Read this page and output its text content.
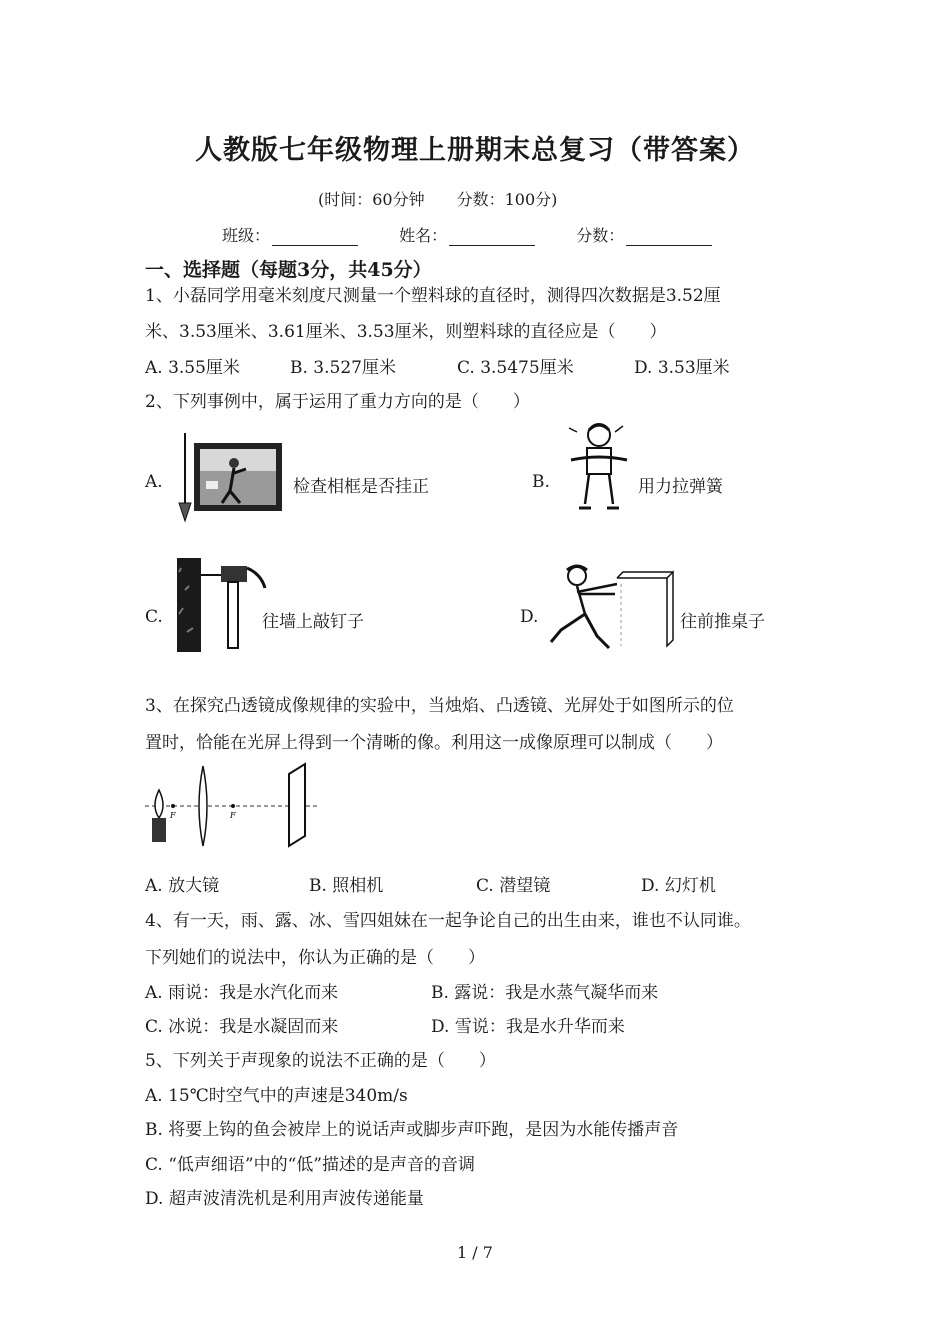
人教版七年级物理上册期末总复习（带答案）
(时间：60分钟　　分数：100分)
班级：	姓名：	分数：
一、选择题（每题3分，共45分）
1、小磊同学用毫米刻度尺测量一个塑料球的直径时，测得四次数据是3.52厘
米、3.53厘米、3.61厘米、3.53厘米，则塑料球的直径应是（　　）
A. 3.55厘米	B. 3.527厘米	C. 3.5475厘米	D. 3.53厘米
2、下列事例中，属于运用了重力方向的是（　　）
A.	检查相框是否挂正	B.	用力拉弹簧
C.	往墙上敲钉子	D.	往前推桌子
3、在探究凸透镜成像规律的实验中，当烛焰、凸透镜、光屏处于如图所示的位
置时，恰能在光屏上得到一个清晰的像。利用这一成像原理可以制成（　　）
F	F
A. 放大镜	B. 照相机	C. 潜望镜	D. 幻灯机
4、有一天，雨、露、冰、雪四姐妹在一起争论自己的出生由来，谁也不认同谁。
下列她们的说法中，你认为正确的是（　　）
A. 雨说：我是水汽化而来	B. 露说：我是水蒸气凝华而来
C. 冰说：我是水凝固而来	D. 雪说：我是水升华而来
5、下列关于声现象的说法不正确的是（　　）
A. 15℃时空气中的声速是340m/s
B. 将要上钩的鱼会被岸上的说话声或脚步声吓跑，是因为水能传播声音
C. “低声细语”中的“低”描述的是声音的音调
D. 超声波清洗机是利用声波传递能量
1 / 7
